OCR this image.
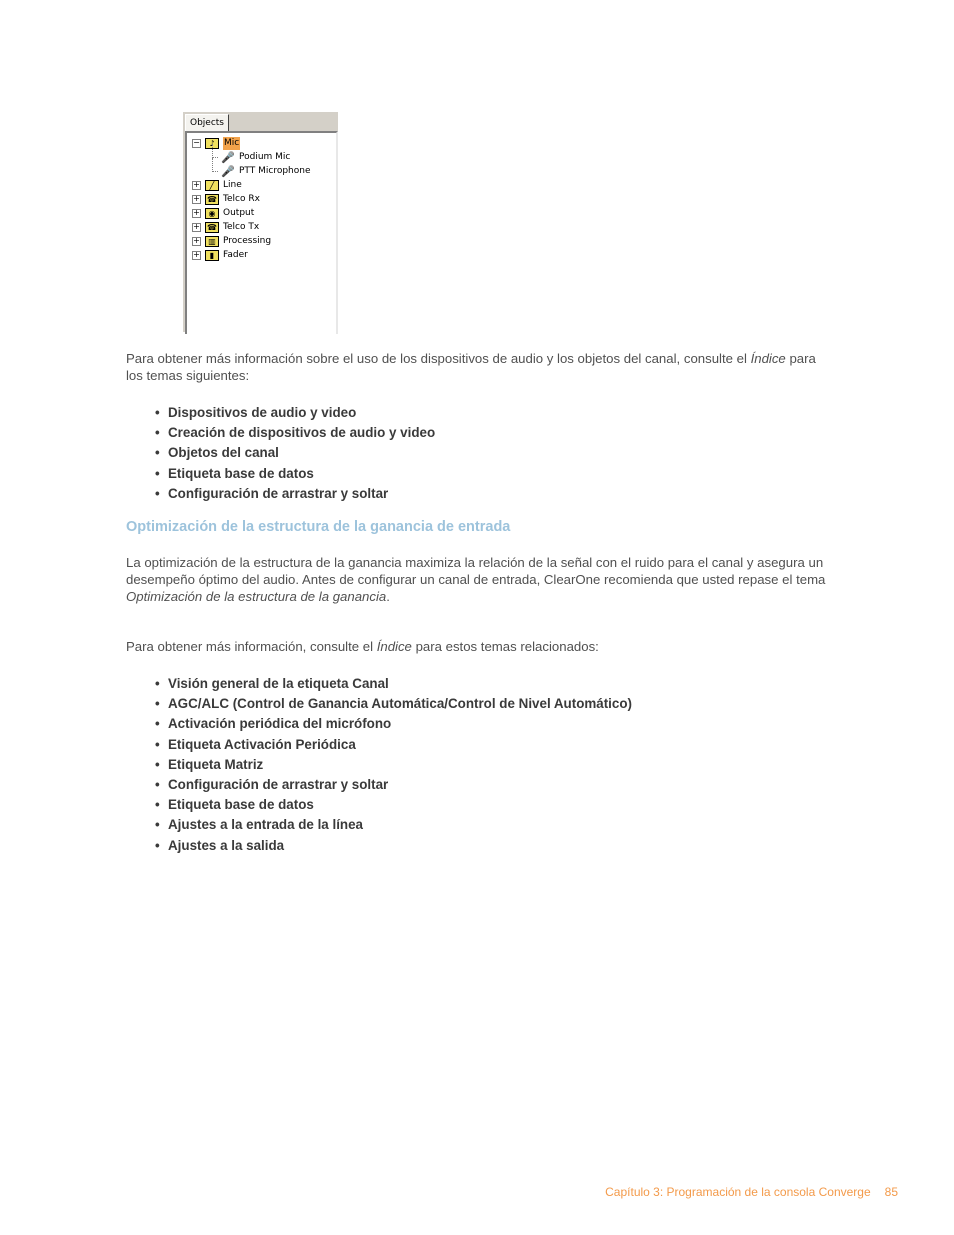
Objects
−	♪	Mic
🎤 Podium Mic
🎤 PTT Microphone
+	╱ Line
+ ☎ Telco Rx
+	◉ Output
+ ☎ Telco Tx
+	▥ Processing
+	▮ Fader
Para obtener más información sobre el uso de los dispositivos de audio y los objetos del canal, consulte el Índice para los temas siguientes:
• Dispositivos de audio y video
• Creación de dispositivos de audio y video
• Objetos del canal
• Etiqueta base de datos
• Configuración de arrastrar y soltar
Optimización de la estructura de la ganancia de entrada
La optimización de la estructura de la ganancia maximiza la relación de la señal con el ruido para el canal y asegura un desempeño óptimo del audio. Antes de configurar un canal de entrada, ClearOne recomienda que usted repase el tema Optimización de la estructura de la ganancia.
Para obtener más información, consulte el Índice para estos temas relacionados:
• Visión general de la etiqueta Canal
• AGC/ALC (Control de Ganancia Automática/Control de Nivel Automático)
• Activación periódica del micrófono
• Etiqueta Activación Periódica
• Etiqueta Matriz
• Configuración de arrastrar y soltar
• Etiqueta base de datos
• Ajustes a la entrada de la línea
• Ajustes a la salida
Capítulo 3: Programación de la consola Converge 85
